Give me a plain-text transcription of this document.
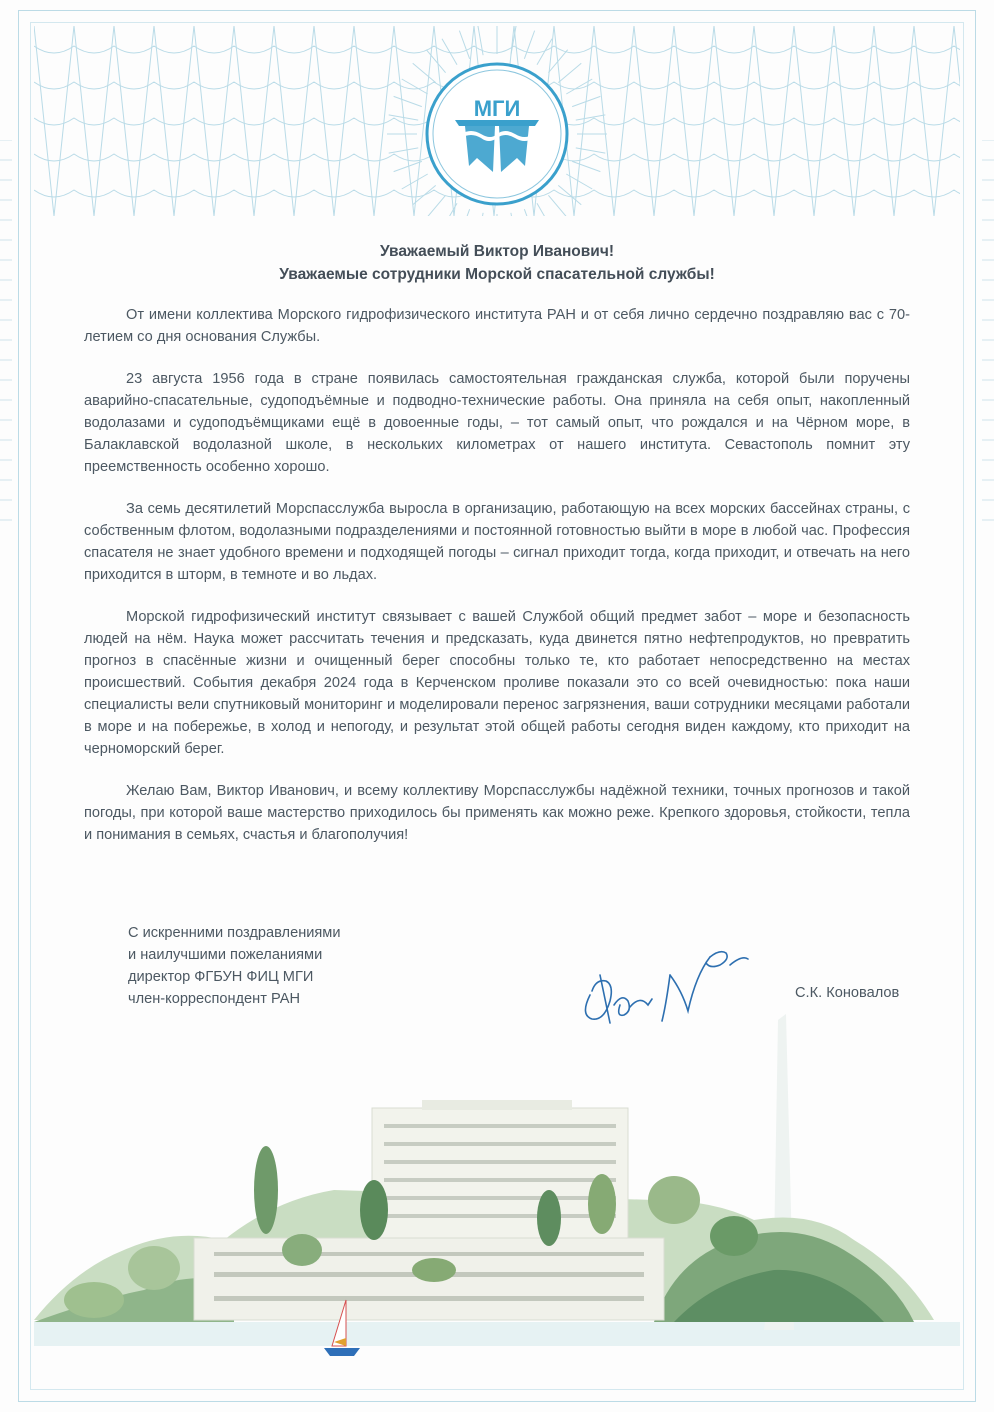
МГИ
Уважаемый Виктор Иванович!
Уважаемые сотрудники Морской спасательной службы!

От имени коллектива Морского гидрофизического института РАН и от себя лично сердечно поздравляю вас с 70-летием со дня основания Службы.

23 августа 1956 года в стране появилась самостоятельная гражданская служба, которой были поручены аварийно-спасательные, судоподъёмные и подводно-технические работы. Она приняла на себя опыт, накопленный водолазами и судоподъёмщиками ещё в довоенные годы, – тот самый опыт, что рождался и на Чёрном море, в Балаклавской водолазной школе, в нескольких километрах от нашего института. Севастополь помнит эту преемственность особенно хорошо.

За семь десятилетий Морспасслужба выросла в организацию, работающую на всех морских бассейнах страны, с собственным флотом, водолазными подразделениями и постоянной готовностью выйти в море в любой час. Профессия спасателя не знает удобного времени и подходящей погоды – сигнал приходит тогда, когда приходит, и отвечать на него приходится в шторм, в темноте и во льдах.

Морской гидрофизический институт связывает с вашей Службой общий предмет забот – море и безопасность людей на нём. Наука может рассчитать течения и предсказать, куда двинется пятно нефтепродуктов, но превратить прогноз в спасённые жизни и очищенный берег способны только те, кто работает непосредственно на местах происшествий. События декабря 2024 года в Керченском проливе показали это со всей очевидностью: пока наши специалисты вели спутниковый мониторинг и моделировали перенос загрязнения, ваши сотрудники месяцами работали в море и на побережье, в холод и непогоду, и результат этой общей работы сегодня виден каждому, кто приходит на черноморский берег.

Желаю Вам, Виктор Иванович, и всему коллективу Морспасслужбы надёжной техники, точных прогнозов и такой погоды, при которой ваше мастерство приходилось бы применять как можно реже. Крепкого здоровья, стойкости, тепла и понимания в семьях, счастья и благополучия!

С искренними поздравлениями
и наилучшими пожеланиями
директор ФГБУН ФИЦ МГИ
член-корреспондент РАН	С.К. Коновалов
